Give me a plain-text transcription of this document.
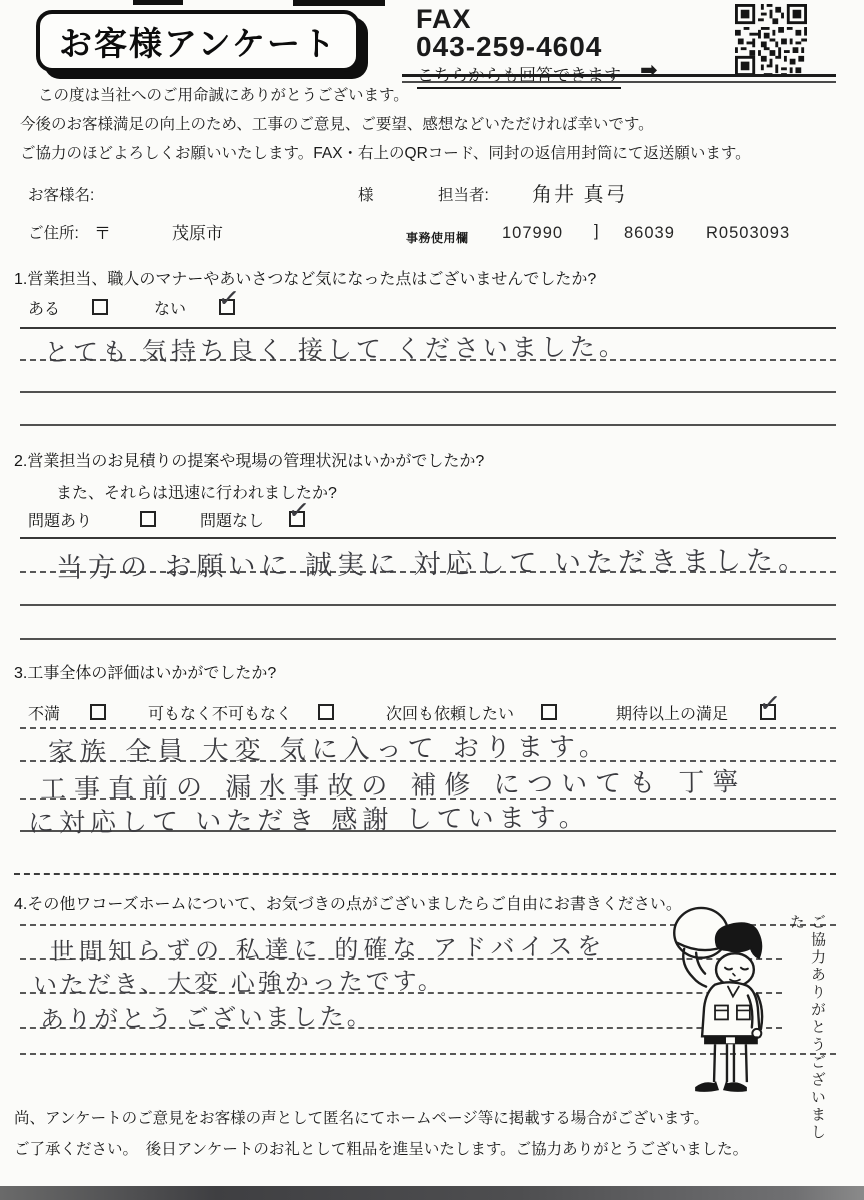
お客様アンケート
FAX
043-259-4604
こちらからも回答できます ➡
この度は当社へのご用命誠にありがとうございます。
今後のお客様満足の向上のため、工事のご意見、ご要望、感想などいただければ幸いです。
ご協力のほどよろしくお願いいたします。FAX・右上のQRコード、同封の返信用封筒にて返送願います。
お客様名:	様	担当者: 角井 真弓
ご住所: 〒	茂原市	事務使用欄 107990 ] 86039 R0503093
1.営業担当、職人のマナーやあいさつなど気になった点はございませんでしたか?
ある	ない ✓
とても 気持ち良く 接して くださいました。
2.営業担当のお見積りの提案や現場の管理状況はいかがでしたか?
また、それらは迅速に行われましたか?
問題あり	問題なし ✓
当方の お願いに 誠実に 対応して いただきました。
3.工事全体の評価はいかがでしたか?
不満	可もなく不可もなく	次回も依頼したい	期待以上の満足 ✓
家族 全員 大変 気に入って おります。
工事直前の 漏水事故の 補修 についても 丁寧
に対応して いただき 感謝 しています。
4.その他ワコーズホームについて、お気づきの点がございましたらご自由にお書きください。
世間知らずの 私達に 的確な アドバイスを
いただき、大変 心強かったです。
ありがとう ございました。	ご協力ありがとうございました
尚、アンケートのご意見をお客様の声として匿名にてホームページ等に掲載する場合がございます。
ご了承ください。　後日アンケートのお礼として粗品を進呈いたします。ご協力ありがとうございました。
